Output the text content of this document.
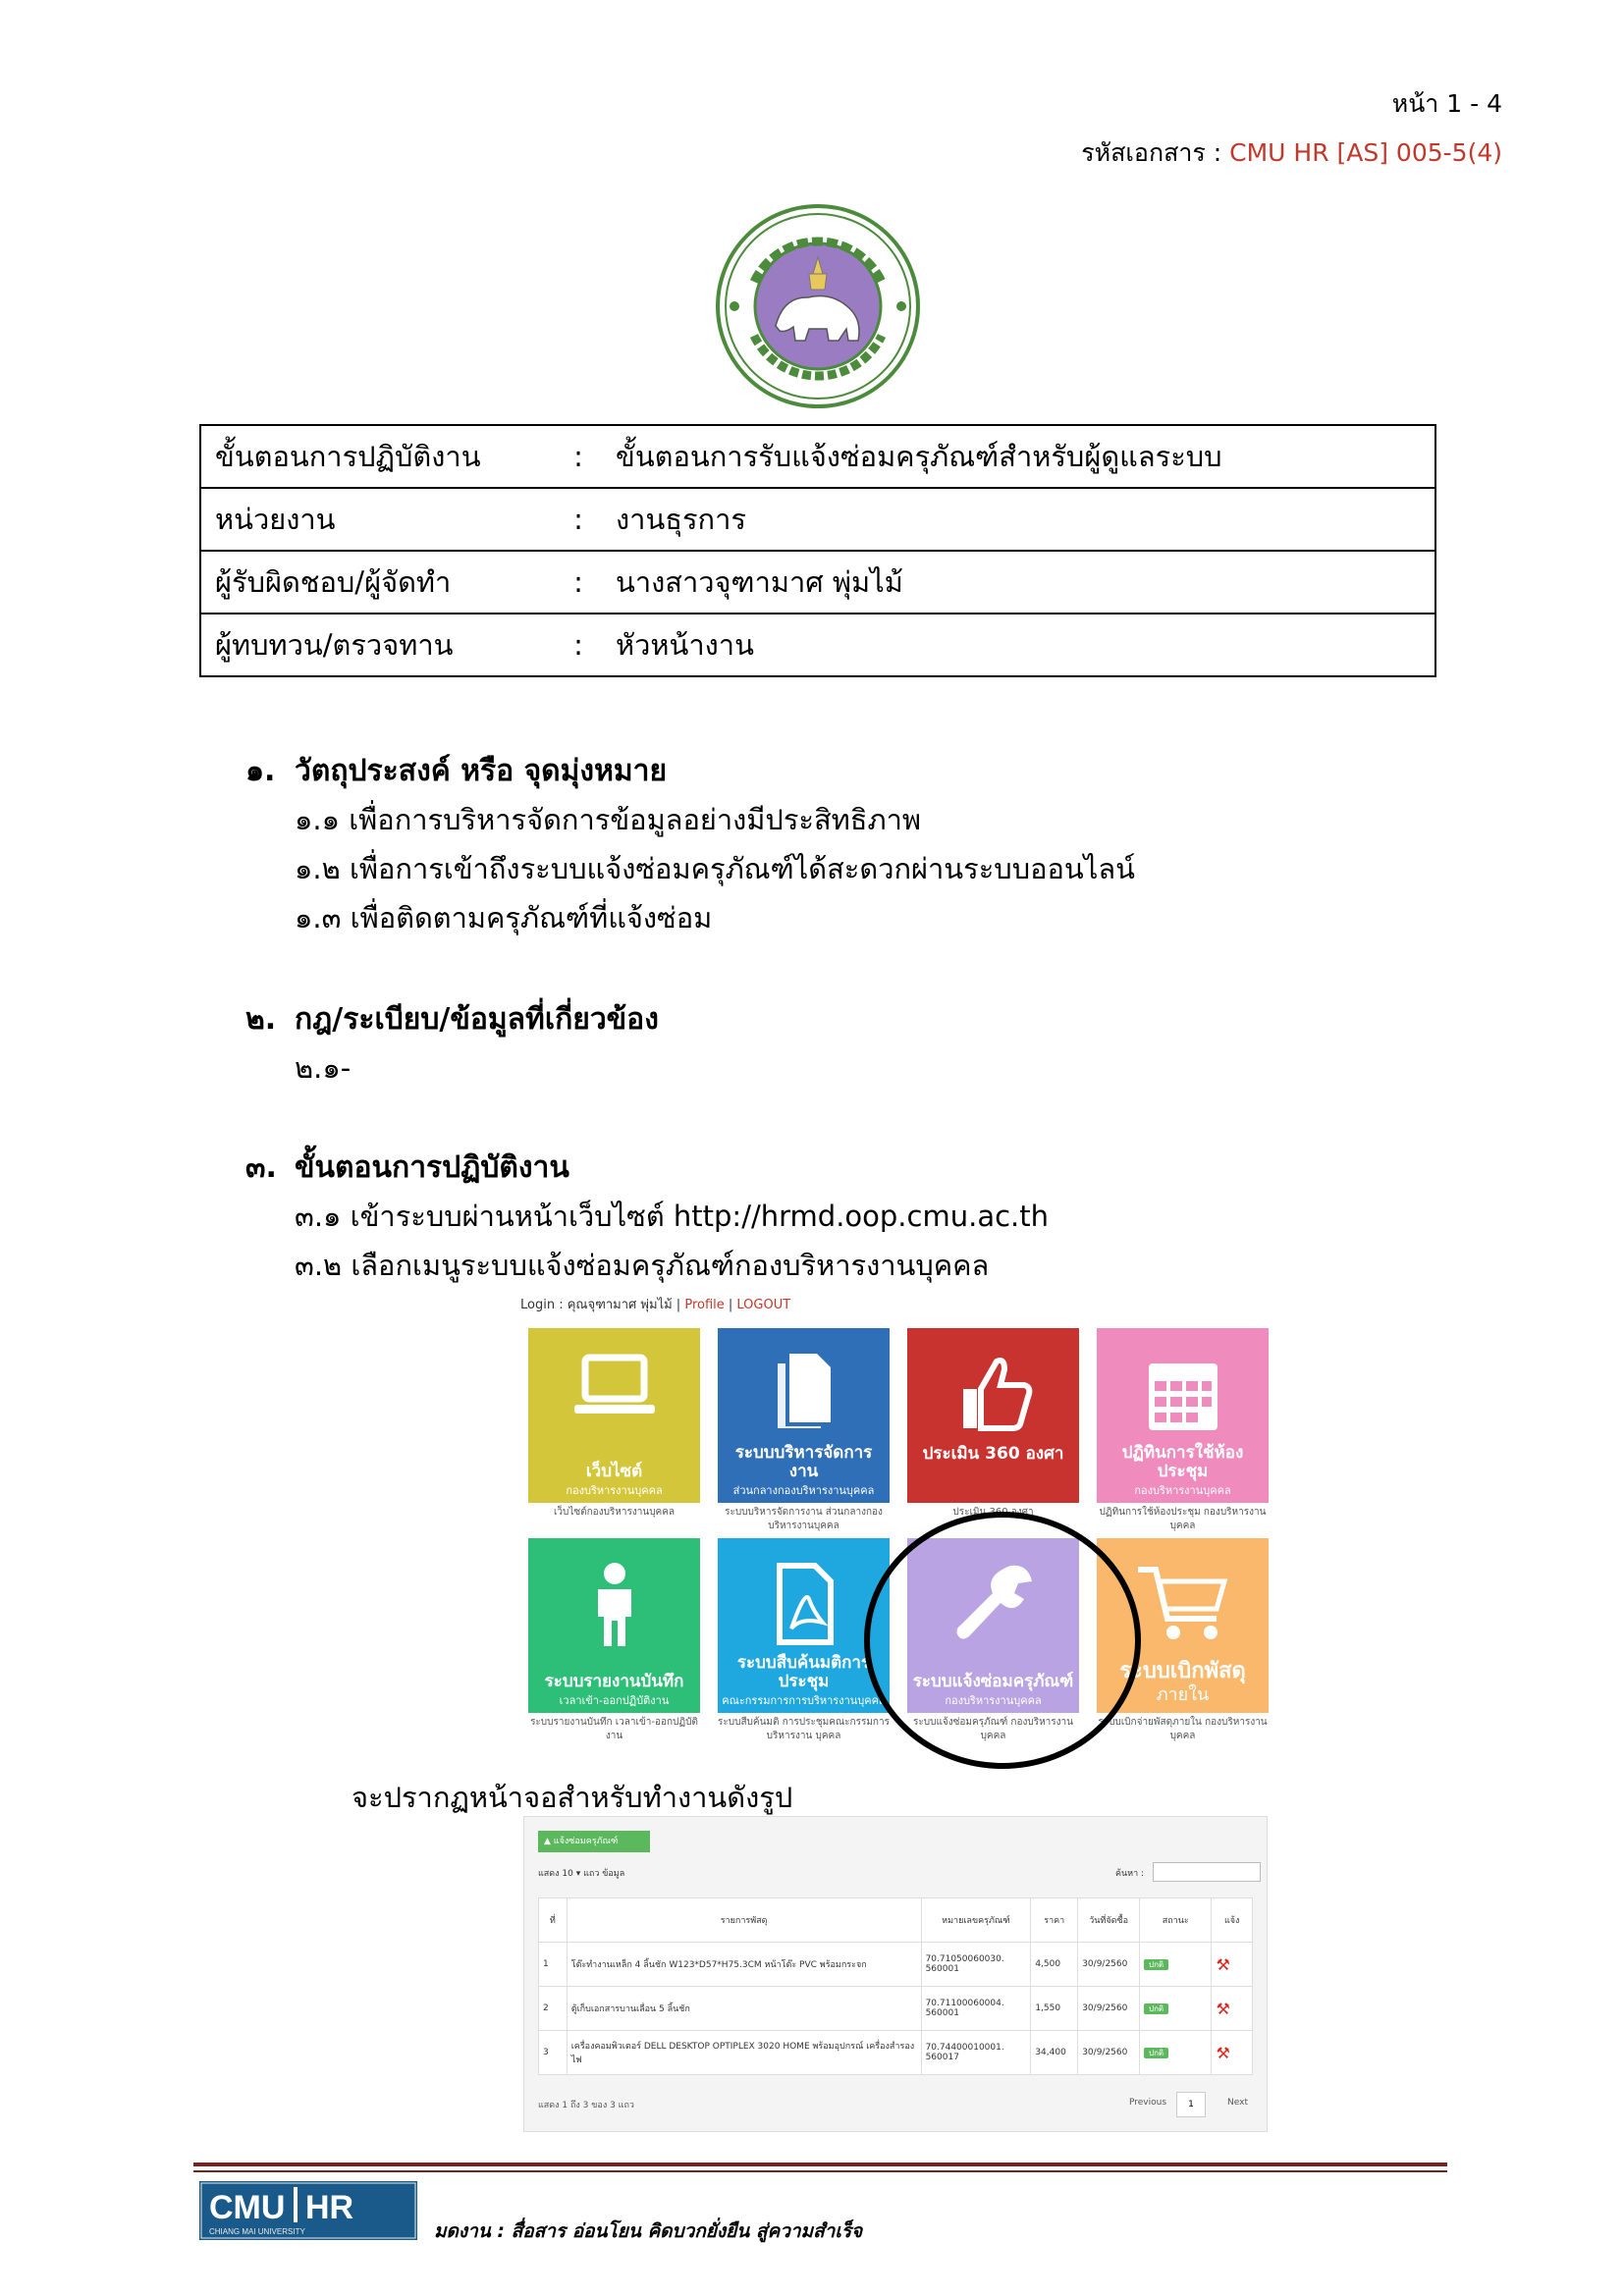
หน้า 1 - 4
รหัสเอกสาร : CMU HR [AS] 005-5(4)
ขั้นตอนการปฏิบัติงาน	:	ขั้นตอนการรับแจ้งซ่อมครุภัณฑ์สำหรับผู้ดูแลระบบ
หน่วยงาน	:	งานธุรการ
ผู้รับผิดชอบ/ผู้จัดทำ	:	นางสาวจุฑามาศ พุ่มไม้
ผู้ทบทวน/ตรวจทาน	:	หัวหน้างาน
๑. วัตถุประสงค์ หรือ จุดมุ่งหมาย
๑.๑ เพื่อการบริหารจัดการข้อมูลอย่างมีประสิทธิภาพ
๑.๒ เพื่อการเข้าถึงระบบแจ้งซ่อมครุภัณฑ์ได้สะดวกผ่านระบบออนไลน์
๑.๓ เพื่อติดตามครุภัณฑ์ที่แจ้งซ่อม
๒. กฎ/ระเบียบ/ข้อมูลที่เกี่ยวข้อง
๒.๑-
๓. ขั้นตอนการปฏิบัติงาน
๓.๑ เข้าระบบผ่านหน้าเว็บไซต์ http://hrmd.oop.cmu.ac.th
๓.๒ เลือกเมนูระบบแจ้งซ่อมครุภัณฑ์กองบริหารงานบุคคล
Login : คุณจุฑามาศ พุ่มไม้ | Profile | LOGOUT
เว็บไซต์
กองบริหารงานบุคคล
ระบบบริหารจัดการงาน
ส่วนกลางกองบริหารงานบุคคล
ประเมิน 360 องศา	ปฏิทินการใช้ห้องประชุม
กองบริหารงานบุคคล
เว็บไซต์กองบริหารงานบุคคล	ระบบบริหารจัดการงาน ส่วนกลางกองบริหารงานบุคคล
ประเมิน 360 องศา	ปฏิทินการใช้ห้องประชุม กองบริหารงานบุคคล
ระบบรายงานบันทึก
เวลาเข้า-ออกปฏิบัติงาน
ระบบสืบค้นมติการประชุม
คณะกรรมการการบริหารงานบุคคล
ระบบแจ้งซ่อมครุภัณฑ์
กองบริหารงานบุคคล
ระบบเบิกพัสดุ
ภายใน
ระบบรายงานบันทึก เวลาเข้า-ออกปฏิบัติงาน
ระบบสืบค้นมติ การประชุมคณะกรรมการบริหารงาน บุคคล
ระบบแจ้งซ่อมครุภัณฑ์ กองบริหารงานบุคคล
ระบบเบิกจ่ายพัสดุภายใน กองบริหารงานบุคคล
จะปรากฏหน้าจอสำหรับทำงานดังรูป
▲ แจ้งซ่อมครุภัณฑ์
แสดง 10 ▾ แถว ข้อมูล	ค้นหา :
ที่	รายการพัสดุ	หมายเลขครุภัณฑ์	ราคา	วันที่จัดซื้อ	สถานะ	แจ้ง
1	โต๊ะทำงานเหล็ก 4 ลิ้นชัก W123*D57*H75.3CM หน้าโต๊ะ PVC พร้อมกระจก	70.71050060030. 560001	4,500	30/9/2560	ปกติ	⚒
2	ตู้เก็บเอกสารบานเลื่อน 5 ลิ้นชัก	70.71100060004. 560001	1,550	30/9/2560	ปกติ	⚒
3	เครื่องคอมพิวเตอร์ DELL DESKTOP OPTIPLEX 3020 HOME พร้อมอุปกรณ์ เครื่องสำรองไฟ	70.74400010001. 560017	34,400	30/9/2560	ปกติ	⚒
แสดง 1 ถึง 3 ของ 3 แถว	Previous	1	Next
CMU HR
CHIANG MAI UNIVERSITY	มดงาน : สื่อสาร อ่อนโยน คิดบวกยั่งยืน สู่ความสำเร็จ
